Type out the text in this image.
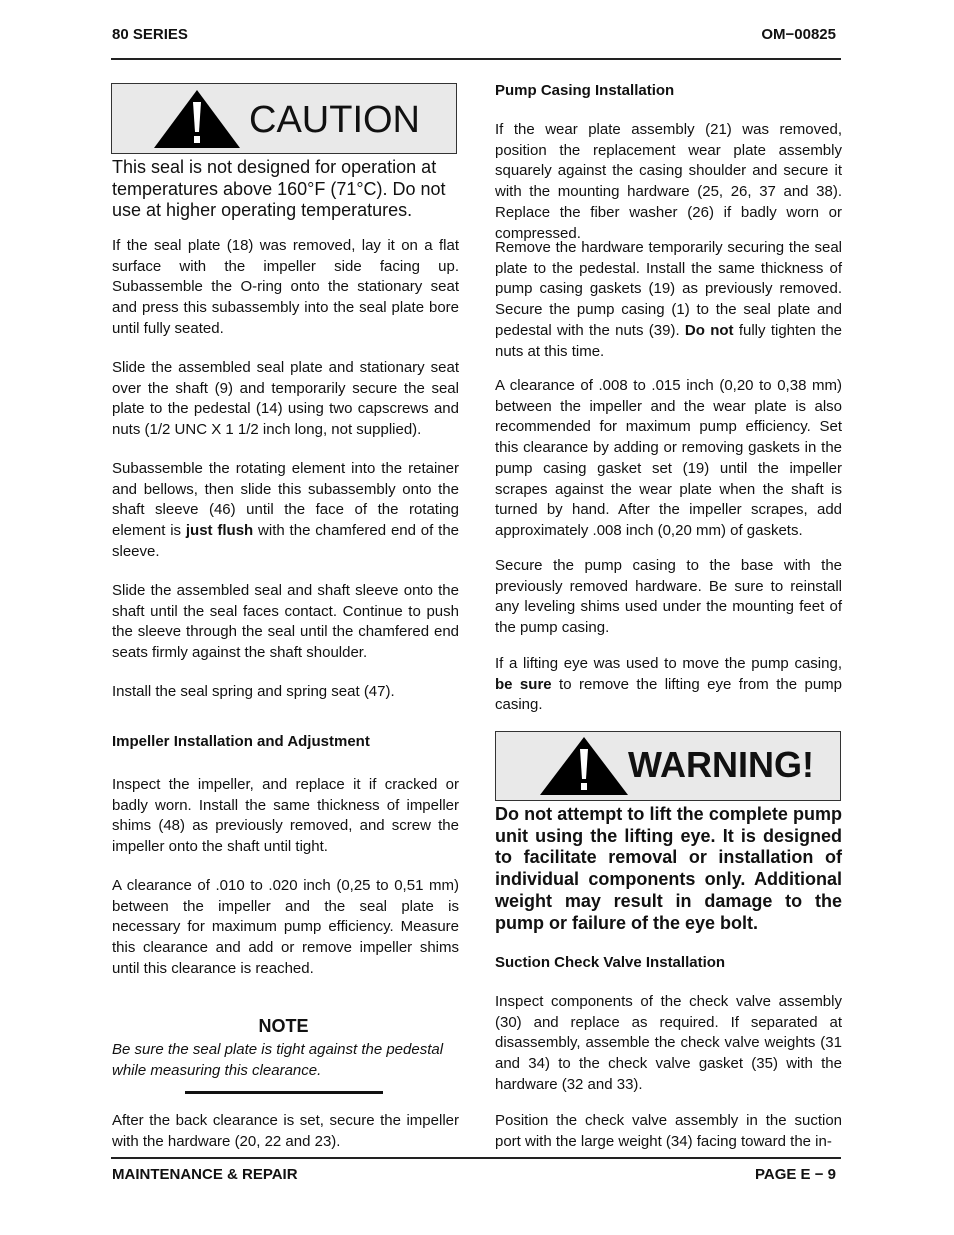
80 SERIES	OM−00825
CAUTION
This seal is not designed for operation at temperatures above 160°F (71°C). Do not use at higher operating temperatures.

If the seal plate (18) was removed, lay it on a flat surface with the impeller side facing up. Subassemble the O-ring onto the stationary seat and press this subassembly into the seal plate bore until fully seated.

Slide the assembled seal plate and stationary seat over the shaft (9) and temporarily secure the seal plate to the pedestal (14) using two capscrews and nuts (1/2 UNC X 1 1/2 inch long, not supplied).

Subassemble the rotating element into the retainer and bellows, then slide this subassembly onto the shaft sleeve (46) until the face of the rotating element is just flush with the chamfered end of the sleeve.

Slide the assembled seal and shaft sleeve onto the shaft until the seal faces contact. Continue to push the sleeve through the seal until the chamfered end seats firmly against the shaft shoulder.

Install the seal spring and spring seat (47).

Impeller Installation and Adjustment

Inspect the impeller, and replace it if cracked or badly worn. Install the same thickness of impeller shims (48) as previously removed, and screw the impeller onto the shaft until tight.

A clearance of .010 to .020 inch (0,25 to 0,51 mm) between the impeller and the seal plate is necessary for maximum pump efficiency. Measure this clearance and add or remove impeller shims until this clearance is reached.

NOTE
Be sure the seal plate is tight against the pedestal while measuring this clearance.

After the back clearance is set, secure the impeller with the hardware (20, 22 and 23).

Pump Casing Installation

If the wear plate assembly (21) was removed, position the replacement wear plate assembly squarely against the casing shoulder and secure it with the mounting hardware (25, 26, 37 and 38). Replace the fiber washer (26) if badly worn or compressed.

Remove the hardware temporarily securing the seal plate to the pedestal. Install the same thickness of pump casing gaskets (19) as previously removed. Secure the pump casing (1) to the seal plate and pedestal with the nuts (39). Do not fully tighten the nuts at this time.

A clearance of .008 to .015 inch (0,20 to 0,38 mm) between the impeller and the wear plate is also recommended for maximum pump efficiency. Set this clearance by adding or removing gaskets in the pump casing gasket set (19) until the impeller scrapes against the wear plate when the shaft is turned by hand. After the impeller scrapes, add approximately .008 inch (0,20 mm) of gaskets.

Secure the pump casing to the base with the previously removed hardware. Be sure to reinstall any leveling shims used under the mounting feet of the pump casing.

If a lifting eye was used to move the pump casing, be sure to remove the lifting eye from the pump casing.

WARNING!
Do not attempt to lift the complete pump unit using the lifting eye. It is designed to facilitate removal or installation of individual components only. Additional weight may result in damage to the pump or failure of the eye bolt.
Suction Check Valve Installation

Inspect components of the check valve assembly (30) and replace as required. If separated at disassembly, assemble the check valve weights (31 and 34) to the check valve gasket (35) with the hardware (32 and 33).

Position the check valve assembly in the suction port with the large weight (34) facing toward the in-

MAINTENANCE & REPAIR	PAGE E − 9
